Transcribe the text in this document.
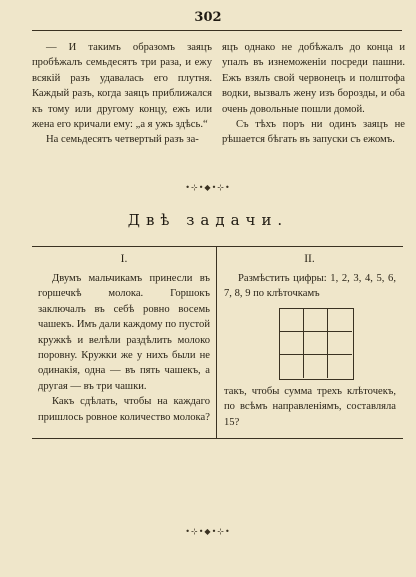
302

— И такимъ образомъ заяцъ пробѣжалъ семьдесятъ три раза, и ежу всякій разъ удавалась его плутня. Каждый разъ, когда заяцъ приближался къ тому или другому концу, ежъ или жена его кричали ему: „а я ужъ здѣсь.“

На семьдесятъ четвертый разъ за-

яцъ однако не добѣжалъ до конца и упалъ въ изнеможеніи посреди пашни. Ежъ взялъ свой червонецъ и полштофа водки, вызвалъ жену изъ борозды, и оба очень довольные пошли домой.

Съ тѣхъ поръ ни одинъ заяцъ не рѣшается бѣгать въ запуски съ ежомъ.

•⊹•◆•⊹•
Двѣ задачи.
I.	II.

Двумъ мальчикамъ принесли въ горшечкѣ молока. Горшокъ заключалъ въ себѣ ровно восемь чашекъ. Имъ дали каждому по пустой кружкѣ и велѣли раздѣлить молоко поровну. Кружки же у нихъ были не одинакія, одна — въ пять чашекъ, а другая — въ три чашки.

Какъ сдѣлать, чтобы на каждаго пришлось ровное количество молока?

Размѣстить цифры: 1, 2, 3, 4, 5, 6, 7, 8, 9 по клѣточкамъ

такъ, чтобы сумма трехъ клѣточекъ, по всѣмъ направленіямъ, составляла 15?

•⊹•◆•⊹•
